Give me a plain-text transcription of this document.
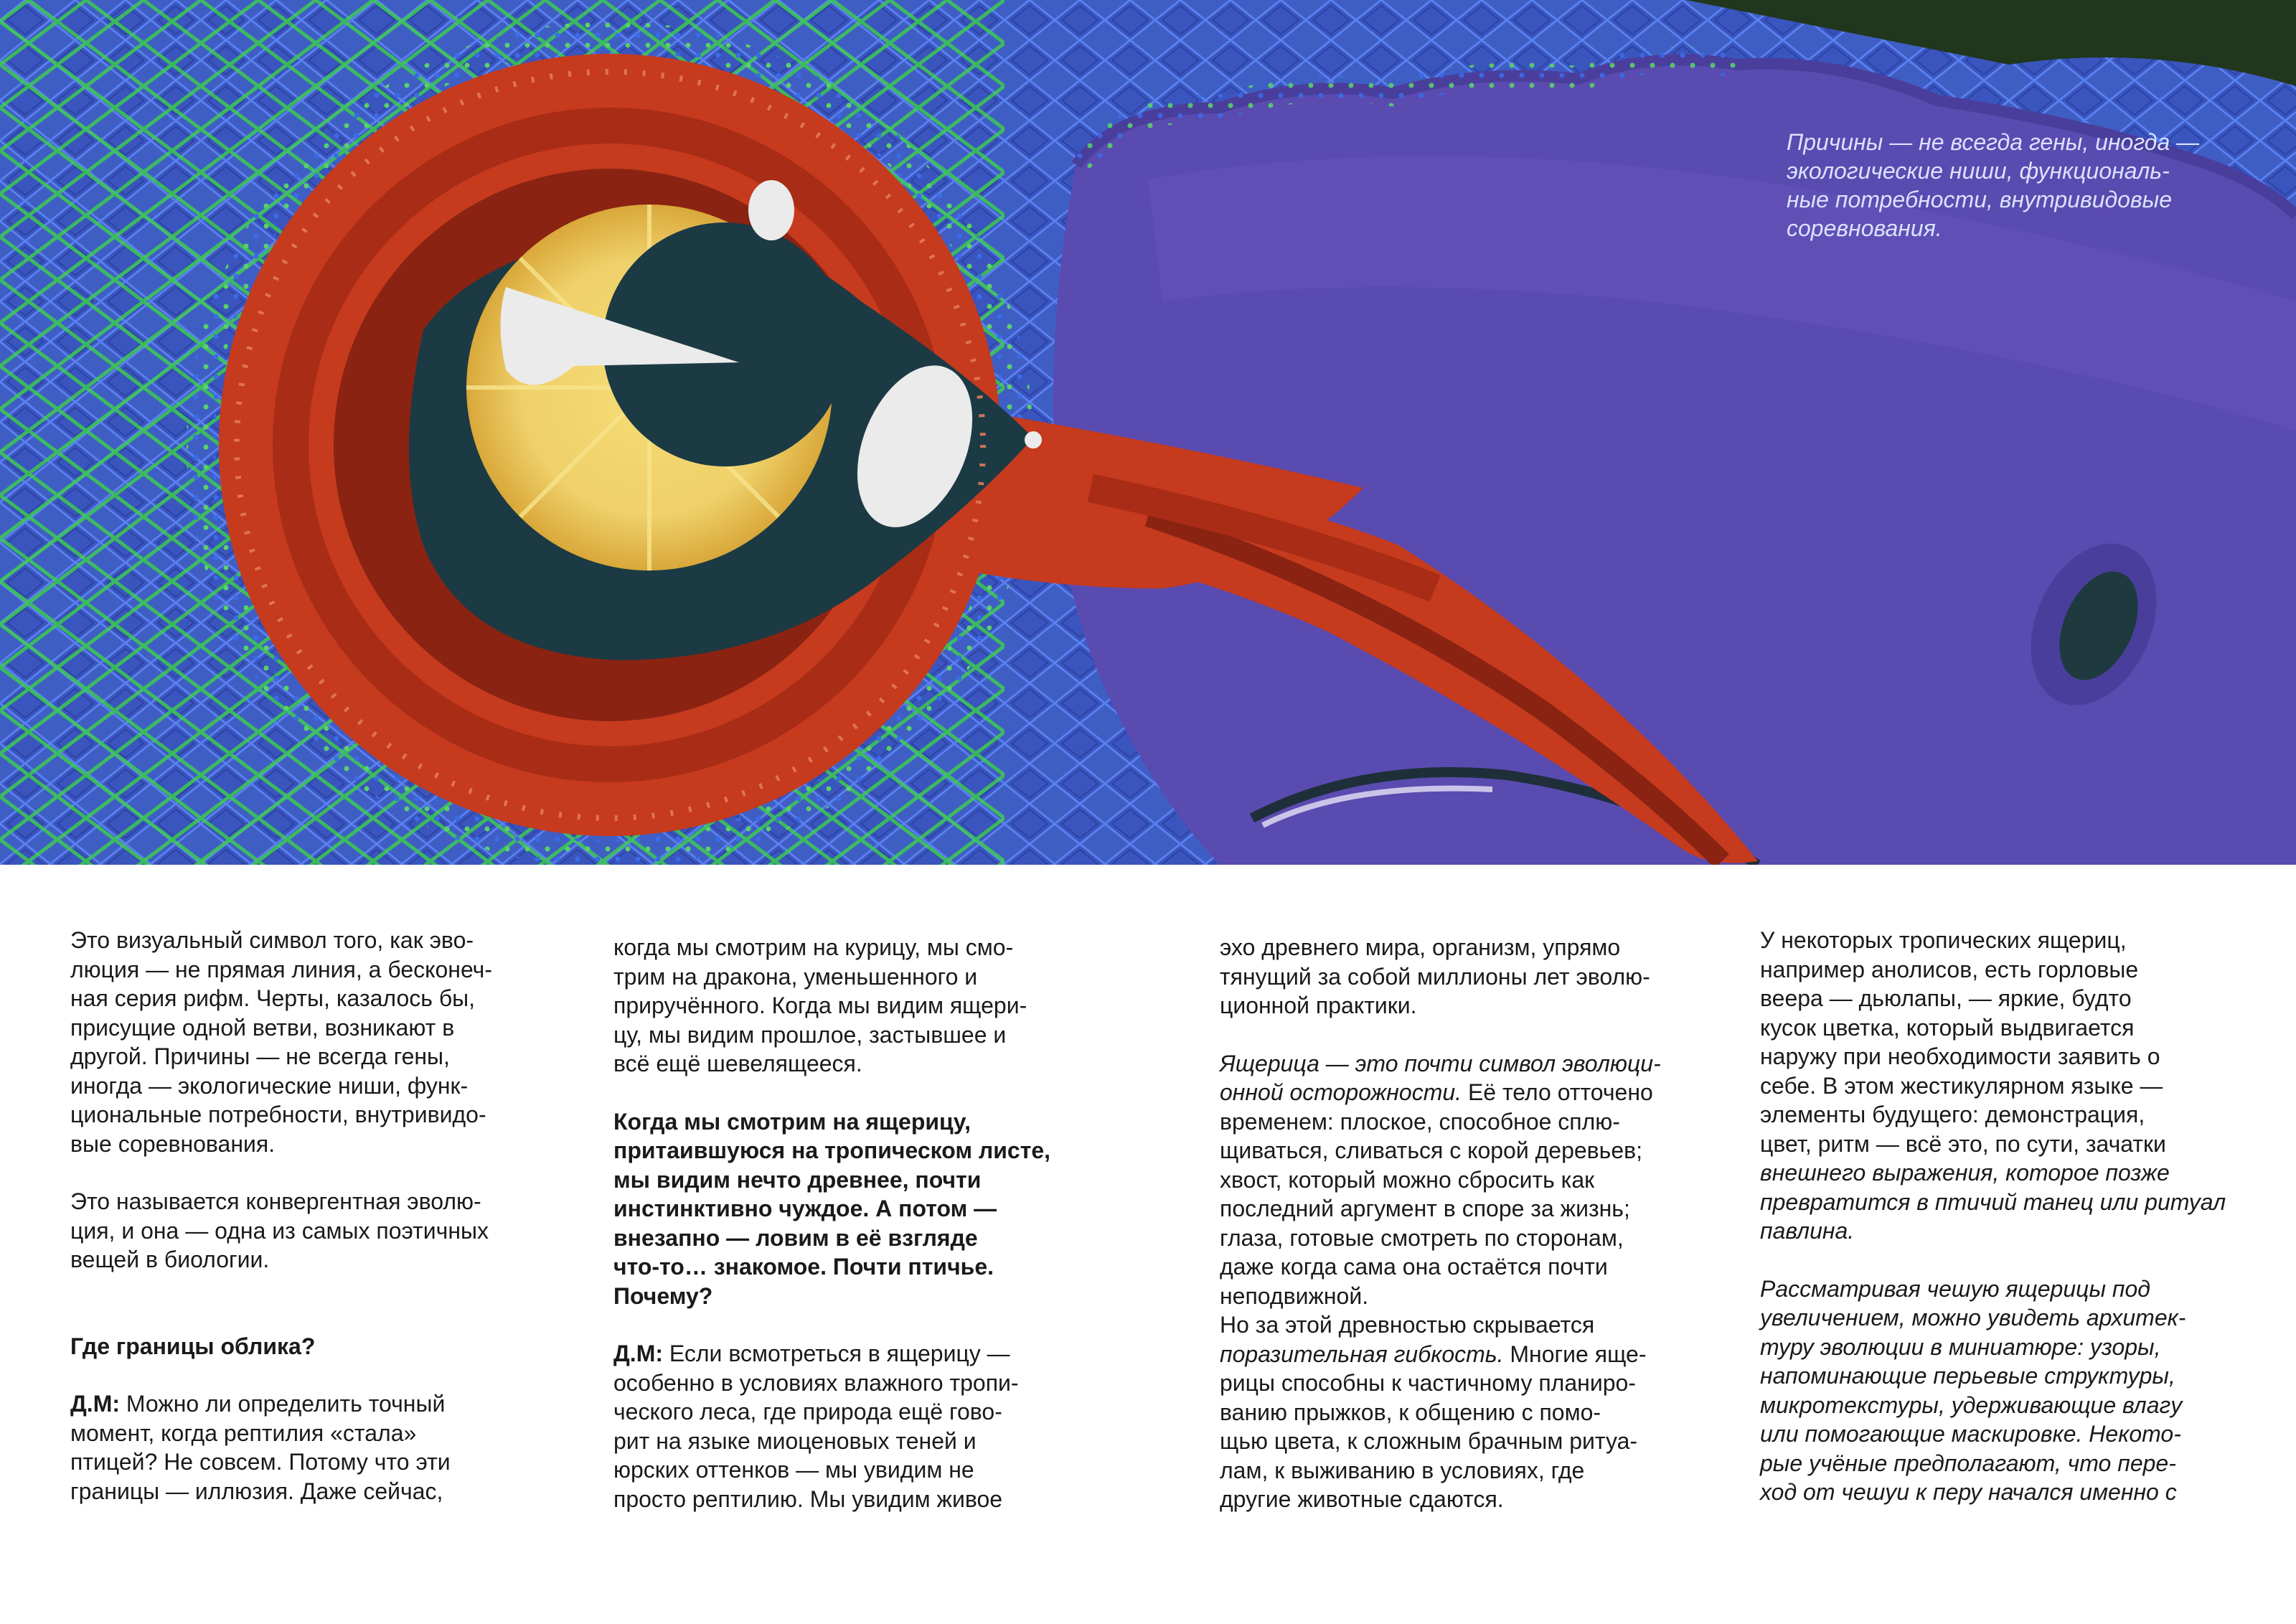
Причины — не всегда гены, иногда —

экологические ниши, функциональ-

ные потребности, внутривидовые

соревнования.

Это визуальный символ того, как эво-

люция — не прямая линия, а бесконеч-

ная серия рифм. Черты, казалось бы,

присущие одной ветви, возникают в

другой. Причины — не всегда гены,

иногда — экологические ниши, функ-

циональные потребности, внутривидо-

вые соревнования.

Это называется конвергентная эволю-

ция, и она — одна из самых поэтичных

вещей в биологии.

Где границы облика?

Д.М: Можно ли определить точный

момент, когда рептилия «стала»

птицей? Не совсем. Потому что эти

границы — иллюзия. Даже сейчас,

когда мы смотрим на курицу, мы смо-

трим на дракона, уменьшенного и

приручённого. Когда мы видим ящери-

цу, мы видим прошлое, застывшее и

всё ещё шевелящееся.

Когда мы смотрим на ящерицу,

притаившуюся на тропическом листе,

мы видим нечто древнее, почти

инстинктивно чуждое. А потом —

внезапно — ловим в её взгляде

что-то… знакомое. Почти птичье.

Почему?

Д.М: Если всмотреться в ящерицу —

особенно в условиях влажного тропи-

ческого леса, где природа ещё гово-

рит на языке миоценовых теней и

юрских оттенков — мы увидим не

просто рептилию. Мы увидим живое

эхо древнего мира, организм, упрямо

тянущий за собой миллионы лет эволю-

ционной практики.

Ящерица — это почти символ эволюци-

онной осторожности. Её тело отточено

временем: плоское, способное сплю-

щиваться, сливаться с корой деревьев;

хвост, который можно сбросить как

последний аргумент в споре за жизнь;

глаза, готовые смотреть по сторонам,

даже когда сама она остаётся почти

неподвижной.

Но за этой древностью скрывается

поразительная гибкость. Многие яще-

рицы способны к частичному планиро-

ванию прыжков, к общению с помо-

щью цвета, к сложным брачным ритуа-

лам, к выживанию в условиях, где

другие животные сдаются.

У некоторых тропических ящериц,

например анолисов, есть горловые

веера — дьюлапы, — яркие, будто

кусок цветка, который выдвигается

наружу при необходимости заявить о

себе. В этом жестикулярном языке —

элементы будущего: демонстрация,

цвет, ритм — всё это, по сути, зачатки

внешнего выражения, которое позже

превратится в птичий танец или ритуал

павлина.

Рассматривая чешую ящерицы под

увеличением, можно увидеть архитек-

туру эволюции в миниатюре: узоры,

напоминающие перьевые структуры,

микротекстуры, удерживающие влагу

или помогающие маскировке. Некото-

рые учёные предполагают, что пере-

ход от чешуи к перу начался именно с
